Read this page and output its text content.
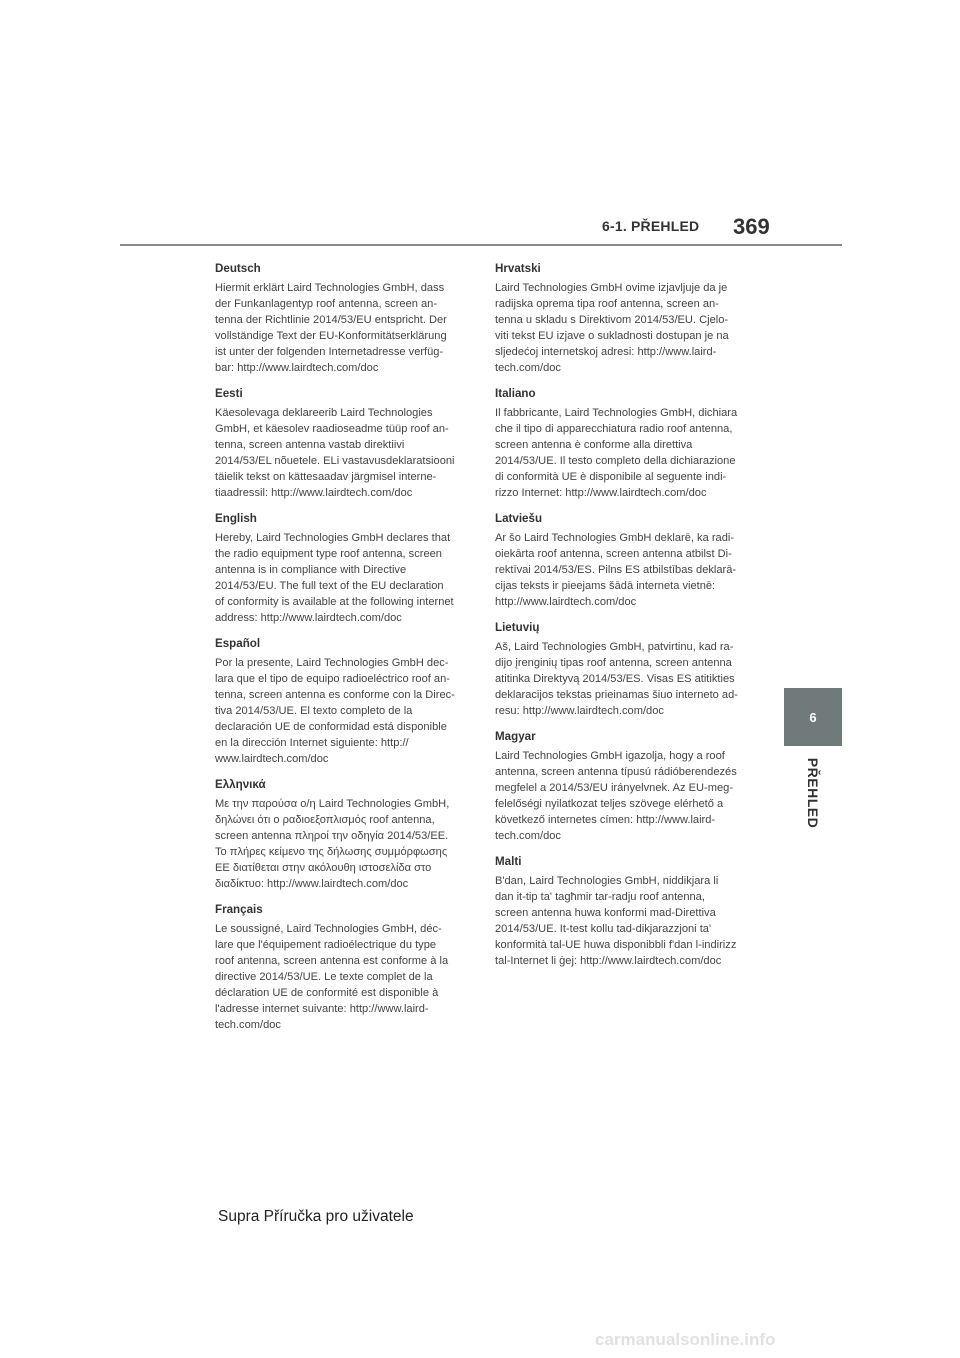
6-1. PŘEHLED 369
6
PŘEHLED
Deutsch
Hiermit erklärt Laird Technologies GmbH, dass
der Funkanlagentyp roof antenna, screen an-
tenna der Richtlinie 2014/53/EU entspricht. Der
vollständige Text der EU-Konformitätserklärung
ist unter der folgenden Internetadresse verfüg-
bar: http://www.lairdtech.com/doc
Eesti
Käesolevaga deklareerib Laird Technologies
GmbH, et käesolev raadioseadme tüüp roof an-
tenna, screen antenna vastab direktiivi
2014/53/EL nõuetele. ELi vastavusdeklaratsiooni
täielik tekst on kättesaadav järgmisel interne-
tiaadressil: http://www.lairdtech.com/doc
English
Hereby, Laird Technologies GmbH declares that
the radio equipment type roof antenna, screen
antenna is in compliance with Directive
2014/53/EU. The full text of the EU declaration
of conformity is available at the following internet
address: http://www.lairdtech.com/doc
Español
Por la presente, Laird Technologies GmbH dec-
lara que el tipo de equipo radioeléctrico roof an-
tenna, screen antenna es conforme con la Direc-
tiva 2014/53/UE. El texto completo de la
declaración UE de conformidad está disponible
en la dirección Internet siguiente: http://
www.lairdtech.com/doc
Ελληνικά
Με την παρούσα ο/η Laird Technologies GmbH,
δηλώνει ότι ο ραδιοεξοπλισμός roof antenna,
screen antenna πληροί την οδηγία 2014/53/ΕΕ.
Το πλήρες κείμενο της δήλωσης συμμόρφωσης
ΕΕ διατίθεται στην ακόλουθη ιστοσελίδα στο
διαδίκτυο: http://www.lairdtech.com/doc
Français
Le soussigné, Laird Technologies GmbH, déc-
lare que l'équipement radioélectrique du type
roof antenna, screen antenna est conforme à la
directive 2014/53/UE. Le texte complet de la
déclaration UE de conformité est disponible à
l'adresse internet suivante: http://www.laird-
tech.com/doc
Hrvatski
Laird Technologies GmbH ovime izjavljuje da je
radijska oprema tipa roof antenna, screen an-
tenna u skladu s Direktivom 2014/53/EU. Cjelo-
viti tekst EU izjave o sukladnosti dostupan je na
sljedećoj internetskoj adresi: http://www.laird-
tech.com/doc
Italiano
Il fabbricante, Laird Technologies GmbH, dichiara
che il tipo di apparecchiatura radio roof antenna,
screen antenna è conforme alla direttiva
2014/53/UE. Il testo completo della dichiarazione
di conformità UE è disponibile al seguente indi-
rizzo Internet: http://www.lairdtech.com/doc
Latviešu
Ar šo Laird Technologies GmbH deklarē, ka radi-
oiekārta roof antenna, screen antenna atbilst Di-
rektīvai 2014/53/ES. Pilns ES atbilstības deklarā-
cijas teksts ir pieejams šādā interneta vietnē:
http://www.lairdtech.com/doc
Lietuvių
Aš, Laird Technologies GmbH, patvirtinu, kad ra-
dijo įrenginių tipas roof antenna, screen antenna
atitinka Direktyvą 2014/53/ES. Visas ES atitikties
deklaracijos tekstas prieinamas šiuo interneto ad-
resu: http://www.lairdtech.com/doc
Magyar
Laird Technologies GmbH igazolja, hogy a roof
antenna, screen antenna típusú rádióberendezés
megfelel a 2014/53/EU irányelvnek. Az EU-meg-
felelőségi nyilatkozat teljes szövege elérhető a
következő internetes címen: http://www.laird-
tech.com/doc
Malti
B'dan, Laird Technologies GmbH, niddikjara li
dan it-tip ta' tagħmir tar-radju roof antenna,
screen antenna huwa konformi mad-Direttiva
2014/53/UE. It-test kollu tad-dikjarazzjoni ta'
konformità tal-UE huwa disponibbli f'dan l-indirizz
tal-Internet li ġej: http://www.lairdtech.com/doc
Supra Příručka pro uživatele
carmanualsonline.info
